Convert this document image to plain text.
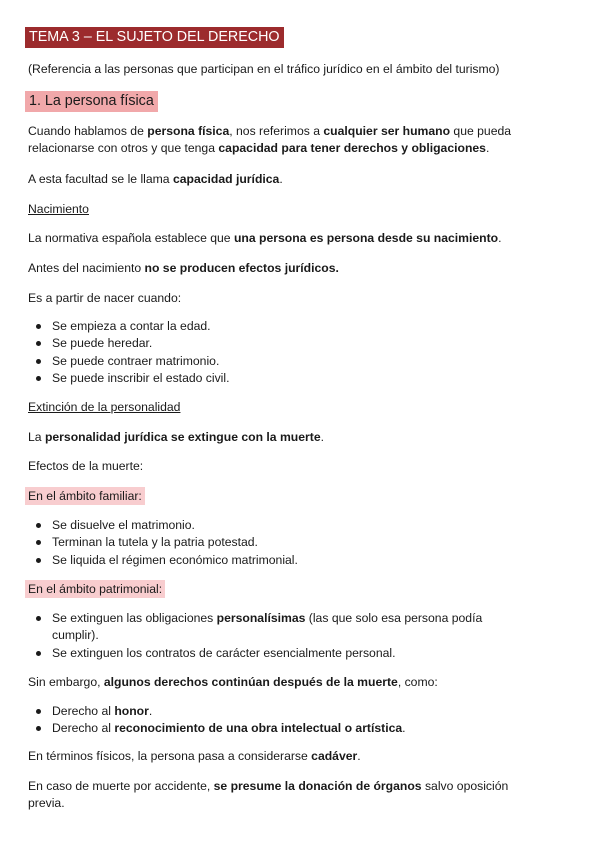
TEMA 3 – EL SUJETO DEL DERECHO
(Referencia a las personas que participan en el tráfico jurídico en el ámbito del turismo)
1. La persona física
Cuando hablamos de persona física, nos referimos a cualquier ser humano que pueda
relacionarse con otros y que tenga capacidad para tener derechos y obligaciones.
A esta facultad se le llama capacidad jurídica.
Nacimiento
La normativa española establece que una persona es persona desde su nacimiento.
Antes del nacimiento no se producen efectos jurídicos.
Es a partir de nacer cuando:
Se empieza a contar la edad.
Se puede heredar.
Se puede contraer matrimonio.
Se puede inscribir el estado civil.
Extinción de la personalidad
La personalidad jurídica se extingue con la muerte.
Efectos de la muerte:
En el ámbito familiar:
Se disuelve el matrimonio.
Terminan la tutela y la patria potestad.
Se liquida el régimen económico matrimonial.
En el ámbito patrimonial:
Se extinguen las obligaciones personalísimas (las que solo esa persona podía
cumplir).
Se extinguen los contratos de carácter esencialmente personal.
Sin embargo, algunos derechos continúan después de la muerte, como:
Derecho al honor.
Derecho al reconocimiento de una obra intelectual o artística.
En términos físicos, la persona pasa a considerarse cadáver.
En caso de muerte por accidente, se presume la donación de órganos salvo oposición
previa.
